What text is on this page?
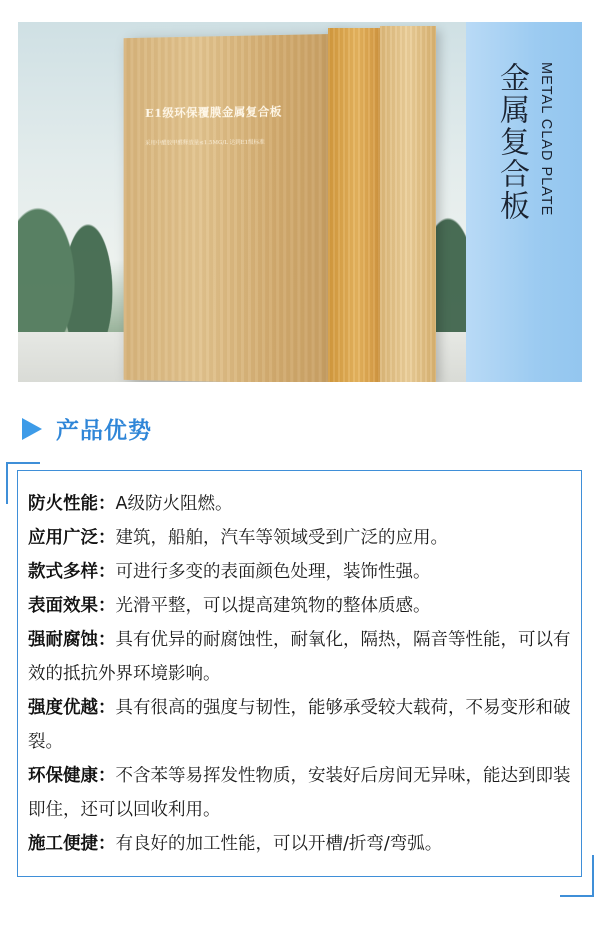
E1级环保覆膜金属复合板
采用中醋胶甲醛释放量≤1.5MG/L 达到E1级标准	金属复合板 METAL CLAD PLATE
产品优势

防火性能：A级防火阻燃。

应用广泛：建筑，船舶，汽车等领域受到广泛的应用。

款式多样：可进行多变的表面颜色处理，装饰性强。

表面效果：光滑平整，可以提高建筑物的整体质感。

强耐腐蚀：具有优异的耐腐蚀性，耐氧化，隔热，隔音等性能，可以有效的抵抗外界环境影响。

强度优越：具有很高的强度与韧性，能够承受较大载荷，不易变形和破裂。

环保健康：不含苯等易挥发性物质，安装好后房间无异味，能达到即装即住，还可以回收利用。

施工便捷：有良好的加工性能，可以开槽/折弯/弯弧。
